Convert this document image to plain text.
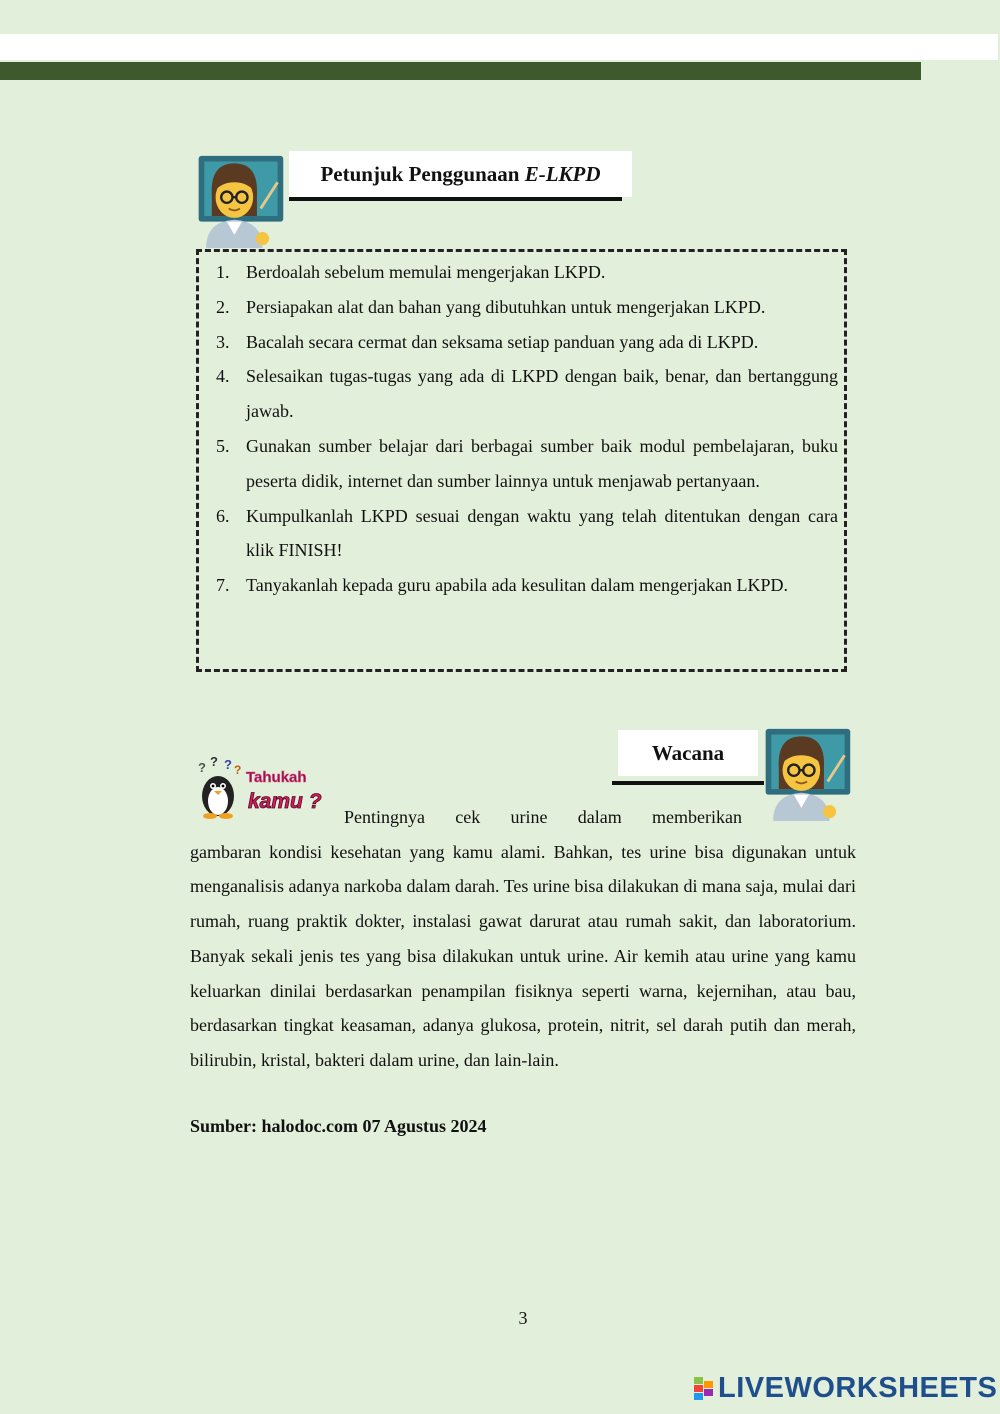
Petunjuk Penggunaan E-LKPD
1. Berdoalah sebelum memulai mengerjakan LKPD.
2. Persiapakan alat dan bahan yang dibutuhkan untuk mengerjakan LKPD.
3. Bacalah secara cermat dan seksama setiap panduan yang ada di LKPD.
4. Selesaikan tugas-tugas yang ada di LKPD dengan baik, benar, dan bertanggung jawab.
5. Gunakan sumber belajar dari berbagai sumber baik modul pembelajaran, buku peserta didik, internet dan sumber lainnya untuk menjawab pertanyaan.
6. Kumpulkanlah LKPD sesuai dengan waktu yang telah ditentukan dengan cara klik FINISH!
7. Tanyakanlah kepada guru apabila ada kesulitan dalam mengerjakan LKPD.
Wacana
? ? ? ? Tahukah
kamu ?
Pentingnya cek urine dalam memberikan
gambaran kondisi kesehatan yang kamu alami. Bahkan, tes urine bisa digunakan untuk menganalisis adanya narkoba dalam darah. Tes urine bisa dilakukan di mana saja, mulai dari rumah, ruang praktik dokter, instalasi gawat darurat atau rumah sakit, dan laboratorium. Banyak sekali jenis tes yang bisa dilakukan untuk urine. Air kemih atau urine yang kamu keluarkan dinilai berdasarkan penampilan fisiknya seperti warna, kejernihan, atau bau, berdasarkan tingkat keasaman, adanya glukosa, protein, nitrit, sel darah putih dan merah, bilirubin, kristal, bakteri dalam urine, dan lain-lain.
Sumber: halodoc.com 07 Agustus 2024
3
LIVEWORKSHEETS
